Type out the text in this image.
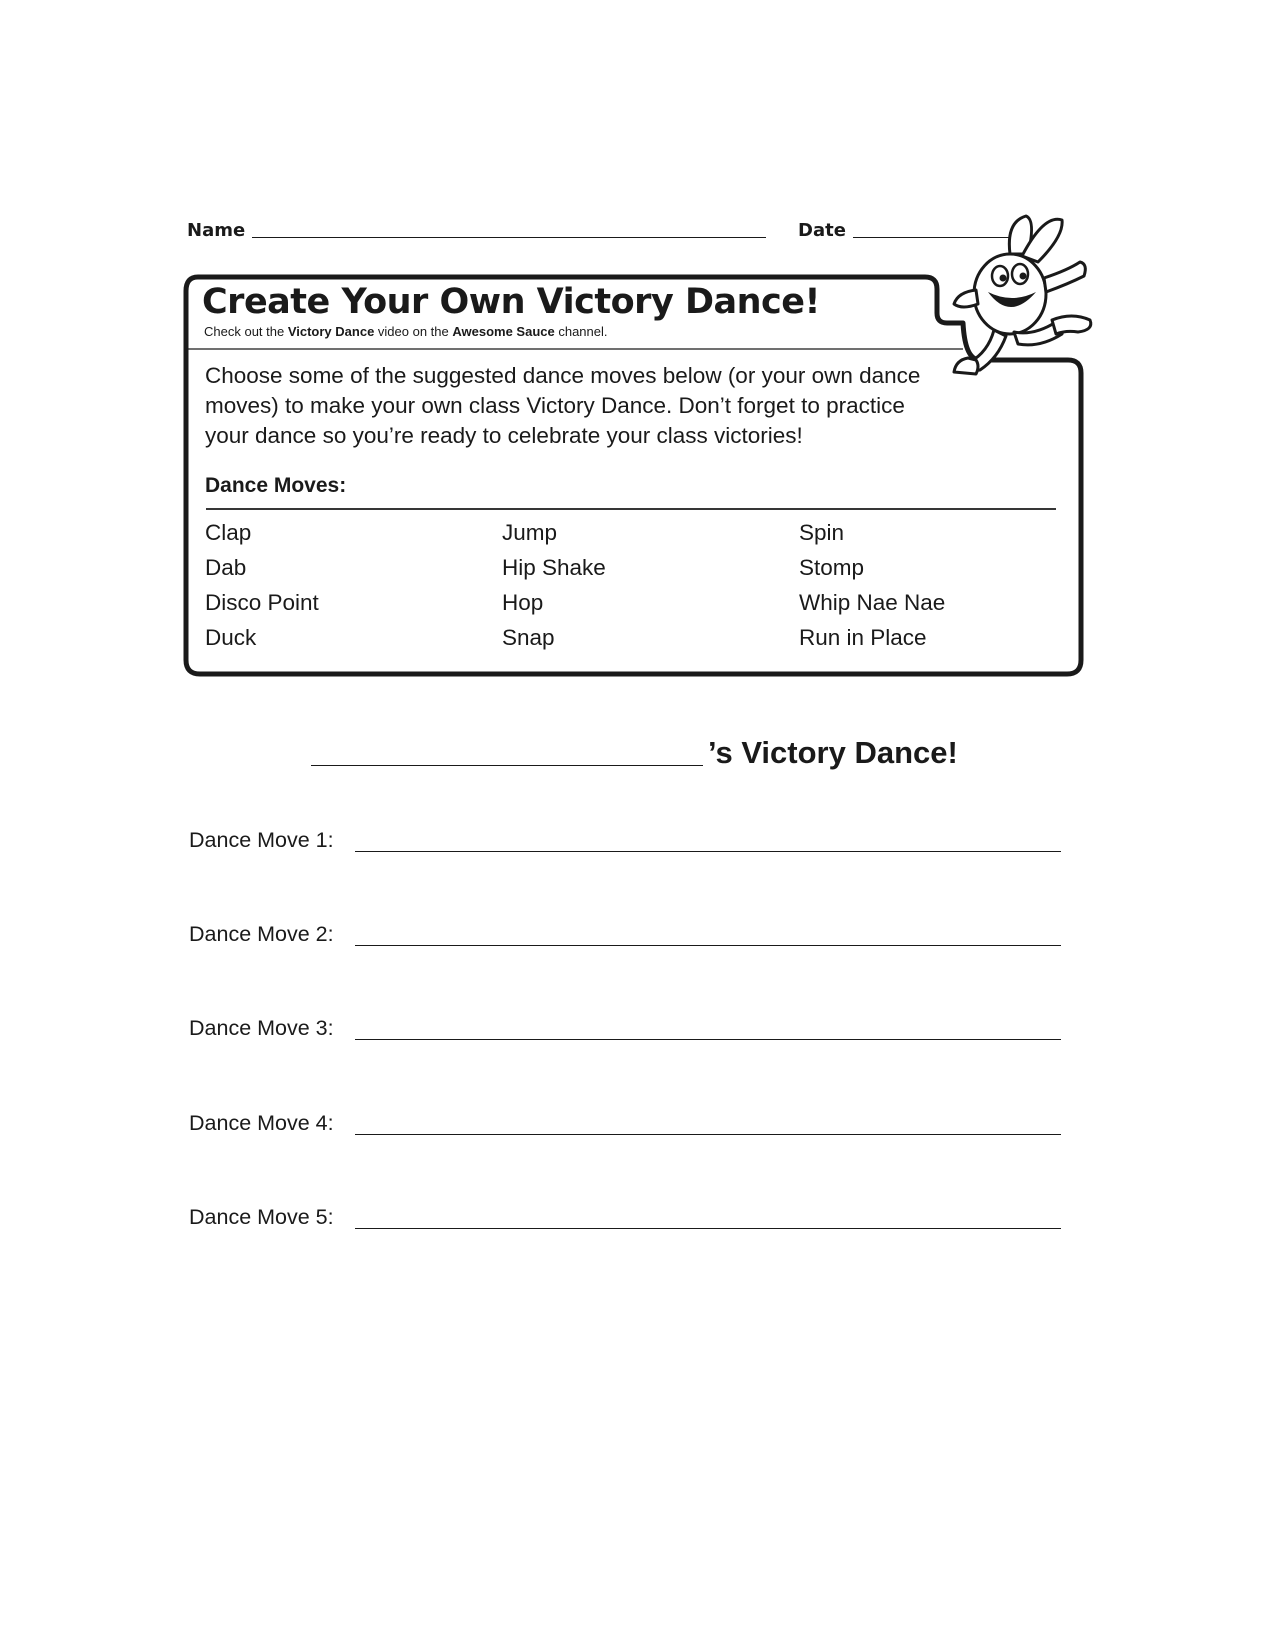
Name	Date
Create Your Own Victory Dance!
Check out the Victory Dance video on the Awesome Sauce channel.
Choose some of the suggested dance moves below (or your own dance moves) to make your own class Victory Dance. Don’t forget to practice your dance so you’re ready to celebrate your class victories!
Dance Moves:
Clap
Dab
Disco Point
Duck
Jump
Hip Shake
Hop
Snap
Spin
Stomp
Whip Nae Nae
Run in Place
’s Victory Dance!
Dance Move 1:
Dance Move 2:
Dance Move 3:
Dance Move 4:
Dance Move 5:
